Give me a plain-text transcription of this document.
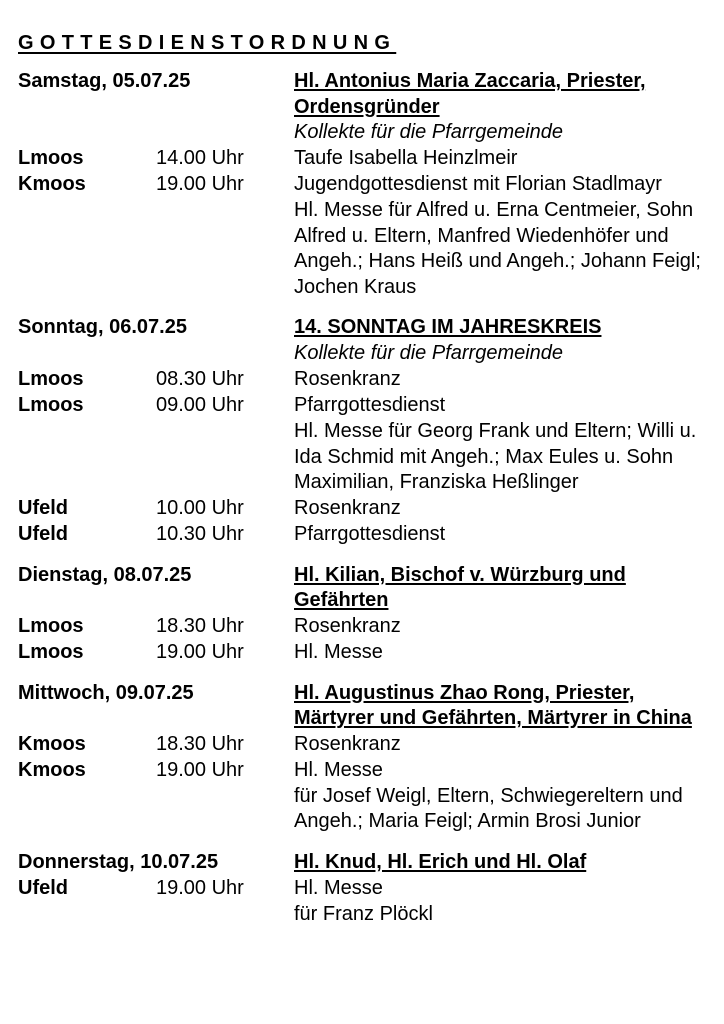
GOTTESDIENSTORDNUNG
Samstag, 05.07.25	Hl. Antonius Maria Zaccaria, Priester, Ordensgründer
Kollekte für die Pfarrgemeinde
Lmoos	14.00 Uhr	Taufe Isabella Heinzlmeir
Kmoos	19.00 Uhr	Jugendgottesdienst mit Florian Stadlmayr
Hl. Messe für Alfred u. Erna Centmeier, Sohn Alfred u. Eltern, Manfred Wiedenhöfer und Angeh.; Hans Heiß und Angeh.; Johann Feigl; Jochen Kraus
Sonntag, 06.07.25	14. SONNTAG IM JAHRESKREIS
Kollekte für die Pfarrgemeinde
Lmoos	08.30 Uhr	Rosenkranz
Lmoos	09.00 Uhr	Pfarrgottesdienst
Hl. Messe für Georg Frank und Eltern; Willi u. Ida Schmid mit Angeh.; Max Eules u. Sohn Maximilian, Franziska Heßlinger
Ufeld	10.00 Uhr	Rosenkranz
Ufeld	10.30 Uhr	Pfarrgottesdienst
Dienstag, 08.07.25	Hl. Kilian, Bischof v. Würzburg und Gefährten
Lmoos	18.30 Uhr	Rosenkranz
Lmoos	19.00 Uhr	Hl. Messe
Mittwoch, 09.07.25	Hl. Augustinus Zhao Rong, Priester, Märtyrer und Gefährten, Märtyrer in China
Kmoos	18.30 Uhr	Rosenkranz
Kmoos	19.00 Uhr	Hl. Messe
für Josef Weigl, Eltern, Schwiegereltern und Angeh.; Maria Feigl; Armin Brosi Junior
Donnerstag, 10.07.25	Hl. Knud, Hl. Erich und Hl. Olaf
Ufeld	19.00 Uhr	Hl. Messe
für Franz Plöckl
